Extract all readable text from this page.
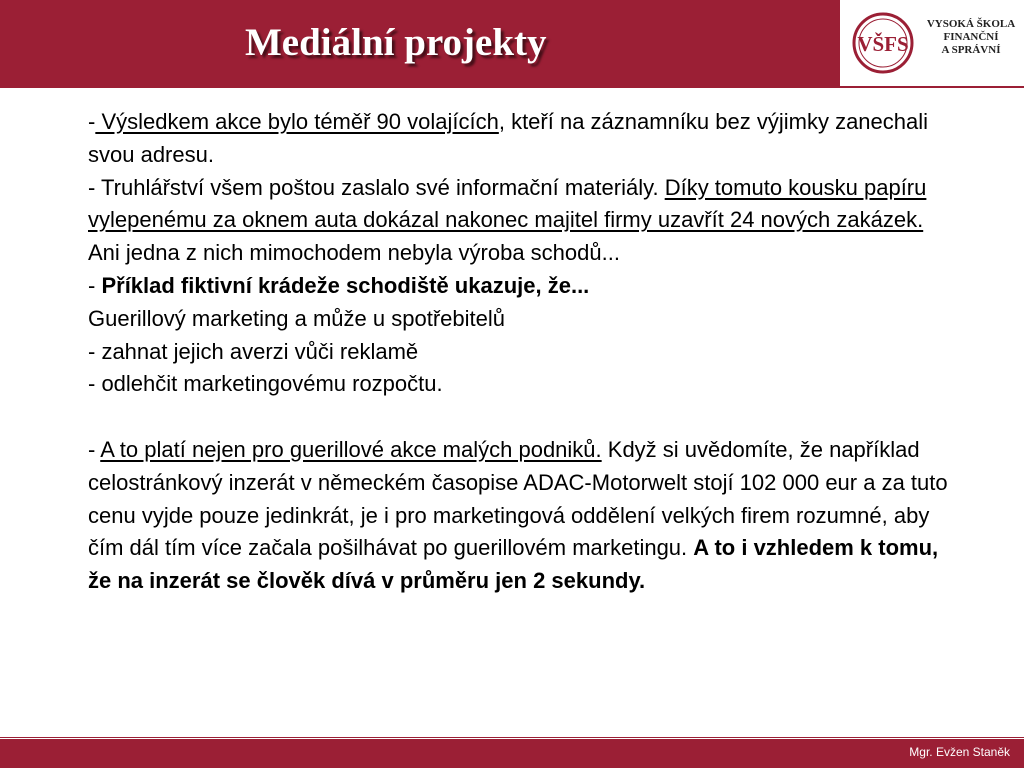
Mediální projekty	VŠFS
VYSOKÁ ŠKOLA
FINANČNÍ
A SPRÁVNÍ

- Výsledkem akce bylo téměř 90 volajících, kteří na záznamníku bez výjimky zanechali svou adresu.

- Truhlářství všem poštou zaslalo své informační materiály. Díky tomuto kousku papíru vylepenému za oknem auta dokázal nakonec majitel firmy uzavřít 24 nových zakázek. Ani jedna z nich mimochodem nebyla výroba schodů...

- Příklad fiktivní krádeže schodiště ukazuje, že...

Guerillový marketing a může u spotřebitelů

- zahnat jejich averzi vůči reklamě

- odlehčit marketingovému rozpočtu.

- A to platí nejen pro guerillové akce malých podniků. Když si uvědomíte, že například celostránkový inzerát v německém časopise ADAC-Motorwelt stojí 102 000 eur a za tuto cenu vyjde pouze jedinkrát, je i pro marketingová oddělení velkých firem rozumné, aby čím dál tím více začala pošilhávat po guerillovém marketingu. A to i vzhledem k tomu, že na inzerát se člověk dívá v průměru jen 2 sekundy.

Mgr. Evžen Staněk
